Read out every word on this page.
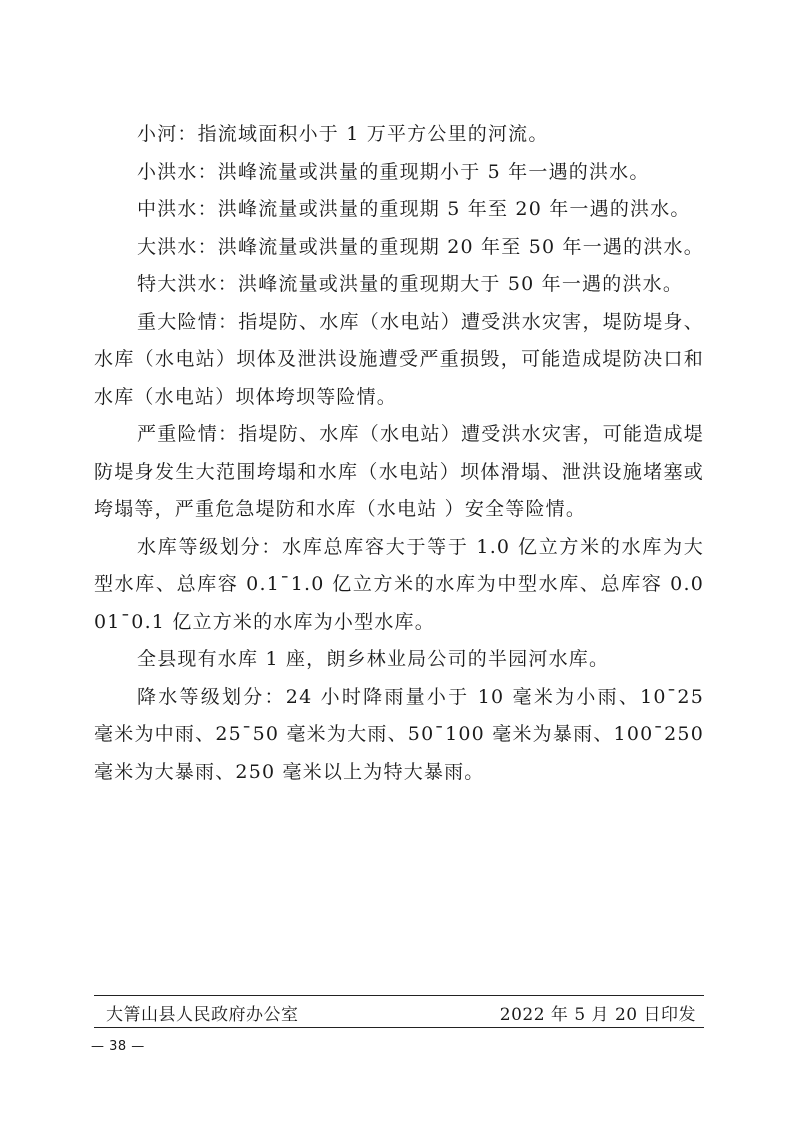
小河：指流域面积小于 1 万平方公里的河流。

小洪水：洪峰流量或洪量的重现期小于 5 年一遇的洪水。

中洪水：洪峰流量或洪量的重现期 5 年至 20 年一遇的洪水。

大洪水：洪峰流量或洪量的重现期 20 年至 50 年一遇的洪水。

特大洪水：洪峰流量或洪量的重现期大于 50 年一遇的洪水。

重大险情：指堤防、水库（水电站）遭受洪水灾害，堤防堤身、水库（水电站）坝体及泄洪设施遭受严重损毁，可能造成堤防决口和水库（水电站）坝体垮坝等险情。

严重险情：指堤防、水库（水电站）遭受洪水灾害，可能造成堤防堤身发生大范围垮塌和水库（水电站）坝体滑塌、泄洪设施堵塞或垮塌等，严重危急堤防和水库（水电站 ）安全等险情。

水库等级划分：水库总库容大于等于 1.0 亿立方米的水库为大型水库、总库容 0.1¯1.0 亿立方米的水库为中型水库、总库容 0.001¯0.1 亿立方米的水库为小型水库。

全县现有水库 1 座，朗乡林业局公司的半园河水库。

降水等级划分：24 小时降雨量小于 10 毫米为小雨、10¯25 毫米为中雨、25¯50 毫米为大雨、50¯100 毫米为暴雨、100¯250 毫米为大暴雨、250 毫米以上为特大暴雨。

大箐山县人民政府办公室	2022 年 5 月 20 日印发
— 38 —
